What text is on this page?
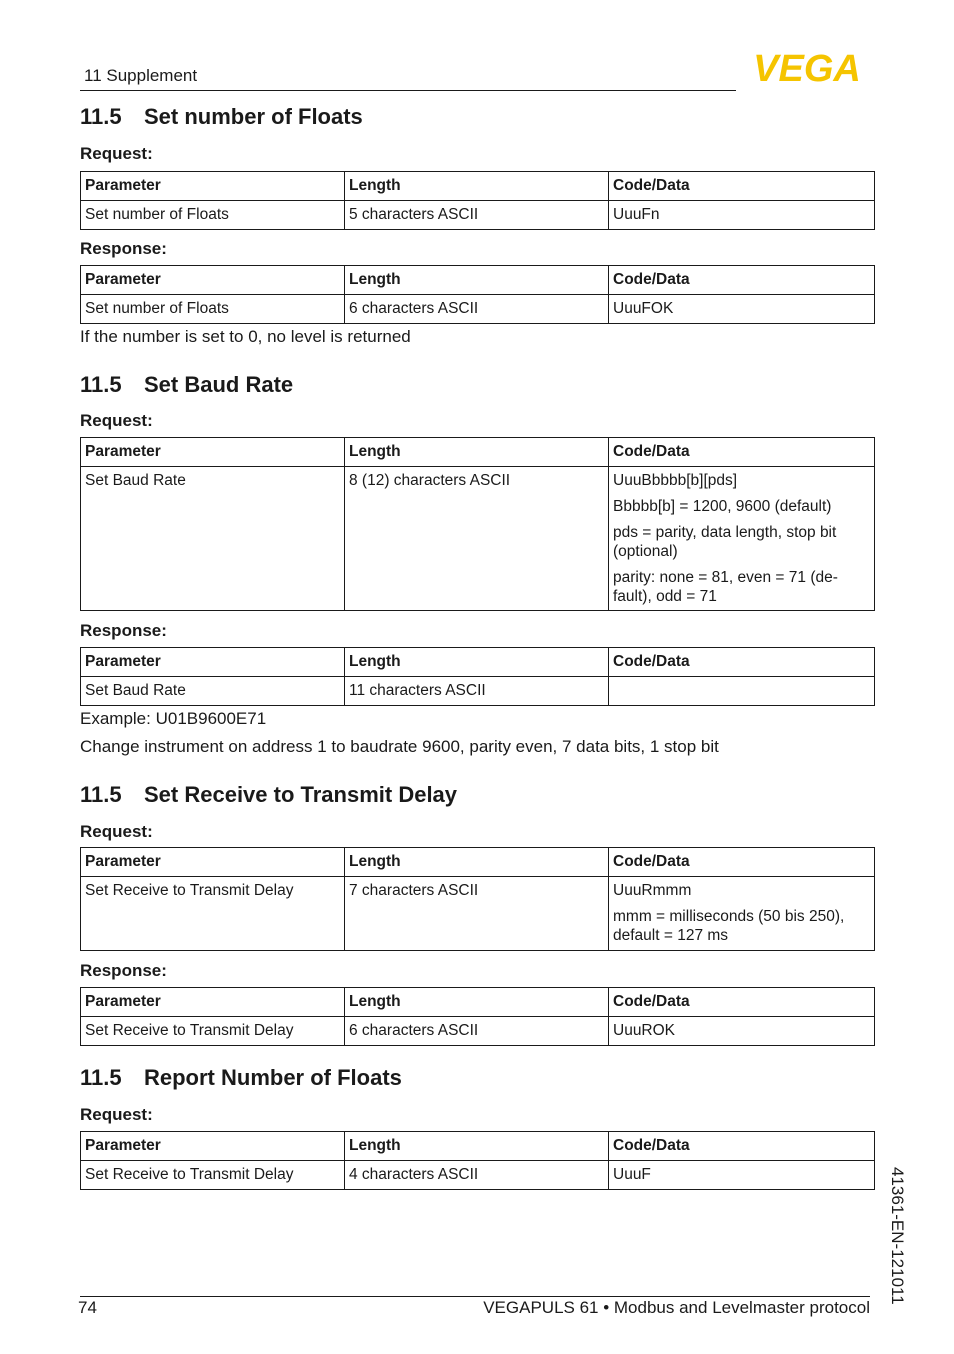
11 Supplement	VEGA
11.5 Set number of Floats
Request:
Parameter	Length	Code/Data
Set number of Floats	5 characters ASCII	UuuFn
Response:
Parameter	Length	Code/Data
Set number of Floats	6 characters ASCII	UuuFOK
If the number is set to 0, no level is returned
11.5 Set Baud Rate
Request:
Parameter	Length	Code/Data
Set Baud Rate	8 (12) characters ASCII	UuuBbbbb[b][pds]

Bbbbb[b] = 1200, 9600 (default)

pds = parity, data length, stop bit (optional)

parity: none = 81, even = 71 (de-fault), odd = 71

Response:
Parameter	Length	Code/Data
Set Baud Rate	11 characters ASCII	
Example: U01B9600E71
Change instrument on address 1 to baudrate 9600, parity even, 7 data bits, 1 stop bit
11.5 Set Receive to Transmit Delay
Request:
Parameter	Length	Code/Data
Set Receive to Transmit Delay	7 characters ASCII	UuuRmmm

mmm = milliseconds (50 bis 250), default = 127 ms

Response:
Parameter	Length	Code/Data
Set Receive to Transmit Delay	6 characters ASCII	UuuROK
11.5 Report Number of Floats
Request:
Parameter	Length	Code/Data
Set Receive to Transmit Delay	4 characters ASCII	UuuF	41361-EN-121011
74	VEGAPULS 61 • Modbus and Levelmaster protocol
